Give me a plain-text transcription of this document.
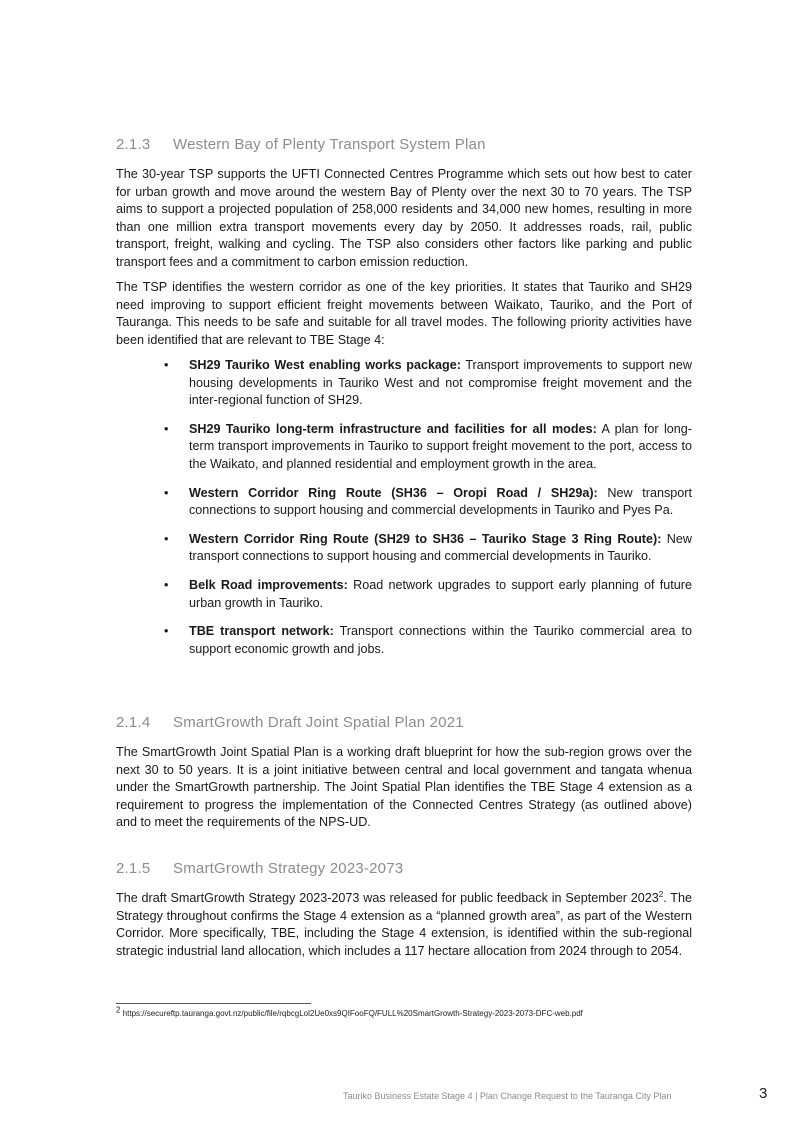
2.1.3 Western Bay of Plenty Transport System Plan

The 30-year TSP supports the UFTI Connected Centres Programme which sets out how best to cater for urban growth and move around the western Bay of Plenty over the next 30 to 70 years. The TSP aims to support a projected population of 258,000 residents and 34,000 new homes, resulting in more than one million extra transport movements every day by 2050. It addresses roads, rail, public transport, freight, walking and cycling. The TSP also considers other factors like parking and public transport fees and a commitment to carbon emission reduction.

The TSP identifies the western corridor as one of the key priorities. It states that Tauriko and SH29 need improving to support efficient freight movements between Waikato, Tauriko, and the Port of Tauranga. This needs to be safe and suitable for all travel modes. The following priority activities have been identified that are relevant to TBE Stage 4:

• SH29 Tauriko West enabling works package: Transport improvements to support new housing developments in Tauriko West and not compromise freight movement and the inter-regional function of SH29.
• SH29 Tauriko long-term infrastructure and facilities for all modes: A plan for long-term transport improvements in Tauriko to support freight movement to the port, access to the Waikato, and planned residential and employment growth in the area.
• Western Corridor Ring Route (SH36 – Oropi Road / SH29a): New transport connections to support housing and commercial developments in Tauriko and Pyes Pa.
• Western Corridor Ring Route (SH29 to SH36 – Tauriko Stage 3 Ring Route): New transport connections to support housing and commercial developments in Tauriko.
• Belk Road improvements: Road network upgrades to support early planning of future urban growth in Tauriko.
• TBE transport network: Transport connections within the Tauriko commercial area to support economic growth and jobs.
2.1.4 SmartGrowth Draft Joint Spatial Plan 2021

The SmartGrowth Joint Spatial Plan is a working draft blueprint for how the sub-region grows over the next 30 to 50 years. It is a joint initiative between central and local government and tangata whenua under the SmartGrowth partnership. The Joint Spatial Plan identifies the TBE Stage 4 extension as a requirement to progress the implementation of the Connected Centres Strategy (as outlined above) and to meet the requirements of the NPS-UD.

2.1.5 SmartGrowth Strategy 2023-2073

The draft SmartGrowth Strategy 2023-2073 was released for public feedback in September 2023$^2$. The Strategy throughout confirms the Stage 4 extension as a “planned growth area”, as part of the Western Corridor. More specifically, TBE, including the Stage 4 extension, is identified within the sub-regional strategic industrial land allocation, which includes a 117 hectare allocation from 2024 through to 2054.

$^2$ https://secureftp.tauranga.govt.nz/public/file/rqbcgLol2Ue0xs9QIFooFQ/FULL%20SmartGrowth-Strategy-2023-2073-DFC-web.pdf
Tauriko Business Estate Stage 4 | Plan Change Request to the Tauranga City Plan	3
